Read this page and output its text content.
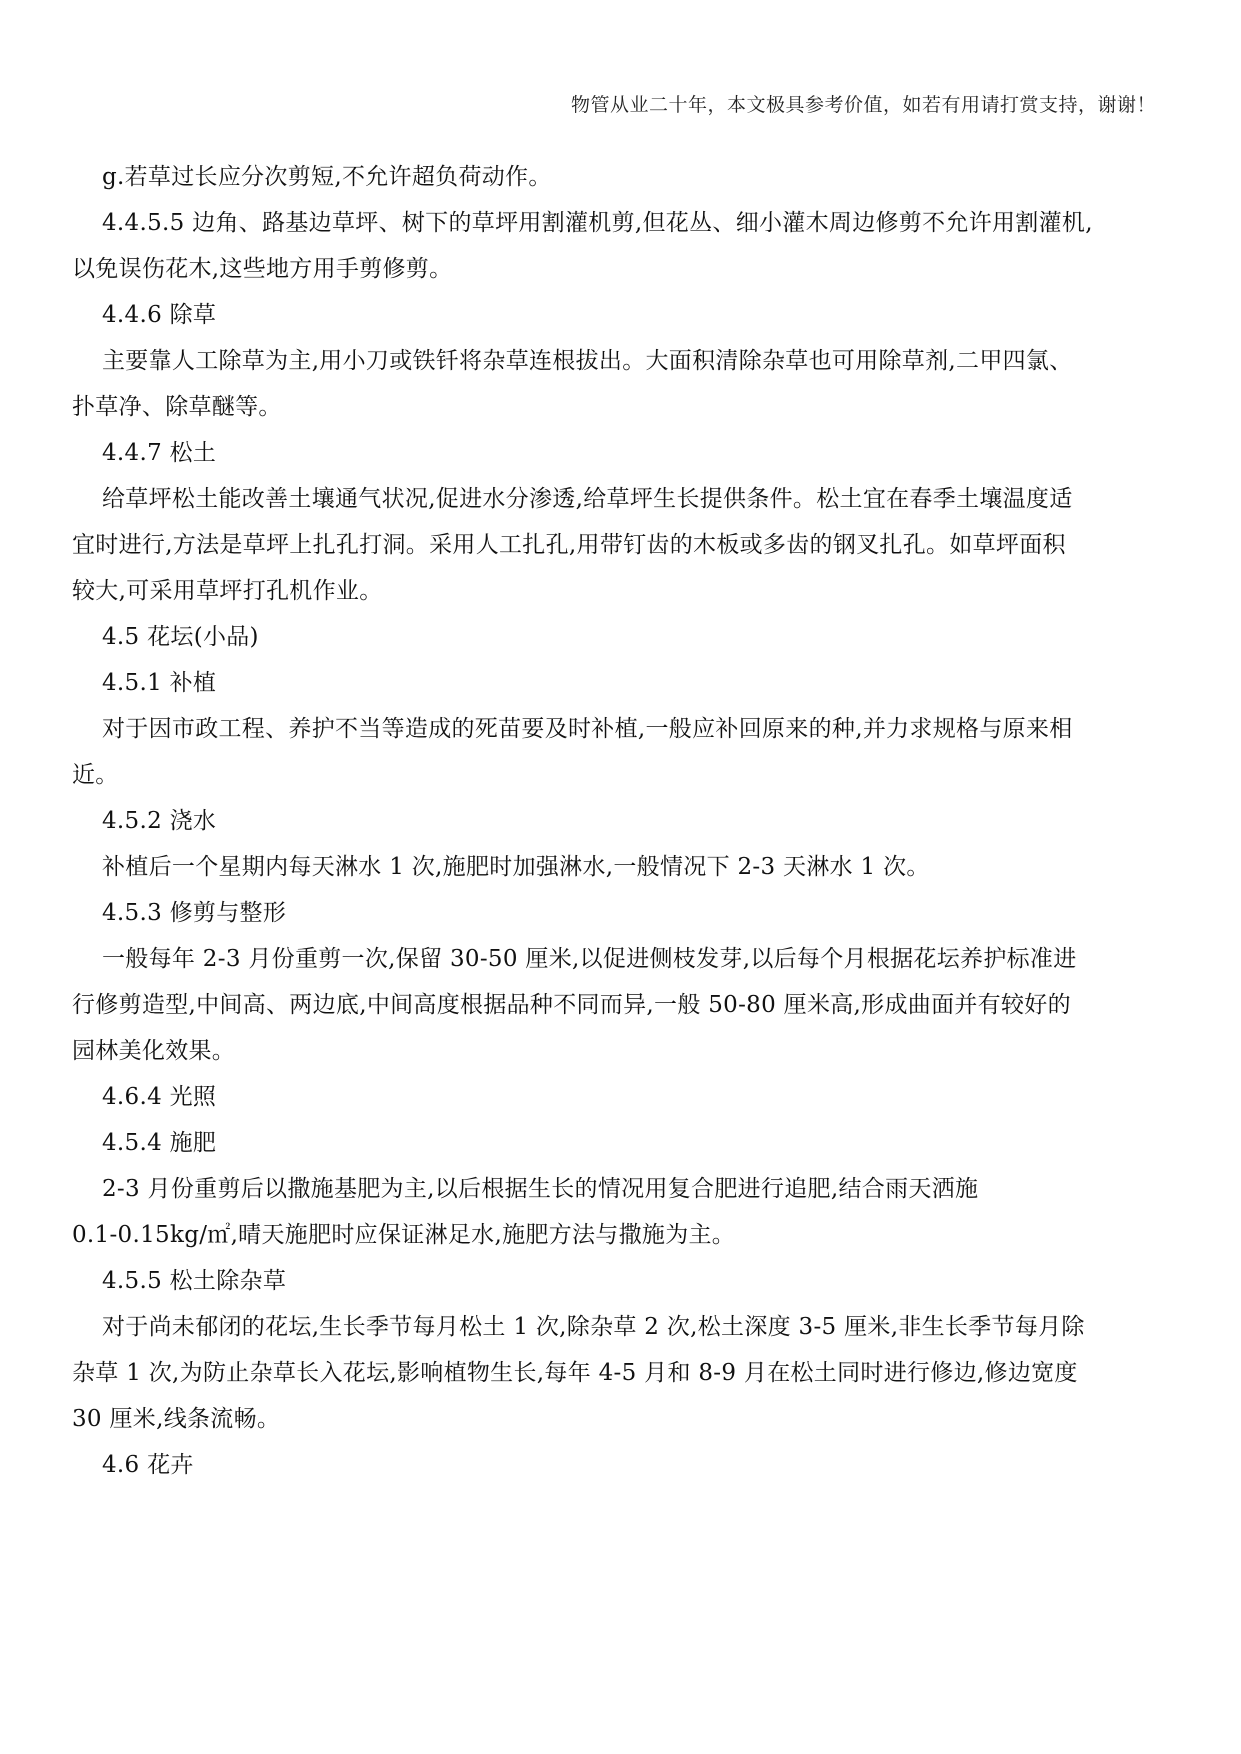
物管从业二十年，本文极具参考价值，如若有用请打赏支持，谢谢！
g.若草过长应分次剪短,不允许超负荷动作。
4.4.5.5 边角、路基边草坪、树下的草坪用割灌机剪,但花丛、细小灌木周边修剪不允许用割灌机,
以免误伤花木,这些地方用手剪修剪。
4.4.6 除草
主要靠人工除草为主,用小刀或铁钎将杂草连根拔出。大面积清除杂草也可用除草剂,二甲四氯、
扑草净、除草醚等。
4.4.7 松土
给草坪松土能改善土壤通气状况,促进水分渗透,给草坪生长提供条件。松土宜在春季土壤温度适
宜时进行,方法是草坪上扎孔打洞。采用人工扎孔,用带钉齿的木板或多齿的钢叉扎孔。如草坪面积
较大,可采用草坪打孔机作业。
4.5 花坛(小品)
4.5.1 补植
对于因市政工程、养护不当等造成的死苗要及时补植,一般应补回原来的种,并力求规格与原来相
近。
4.5.2 浇水
补植后一个星期内每天淋水 1 次,施肥时加强淋水,一般情况下 2-3 天淋水 1 次。
4.5.3 修剪与整形
一般每年 2-3 月份重剪一次,保留 30-50 厘米,以促进侧枝发芽,以后每个月根据花坛养护标准进
行修剪造型,中间高、两边底,中间高度根据品种不同而异,一般 50-80 厘米高,形成曲面并有较好的
园林美化效果。
4.6.4 光照
4.5.4 施肥
2-3 月份重剪后以撒施基肥为主,以后根据生长的情况用复合肥进行追肥,结合雨天洒施
0.1-0.15kg/㎡,晴天施肥时应保证淋足水,施肥方法与撒施为主。
4.5.5 松土除杂草
对于尚未郁闭的花坛,生长季节每月松土 1 次,除杂草 2 次,松土深度 3-5 厘米,非生长季节每月除
杂草 1 次,为防止杂草长入花坛,影响植物生长,每年 4-5 月和 8-9 月在松土同时进行修边,修边宽度
30 厘米,线条流畅。
4.6 花卉
